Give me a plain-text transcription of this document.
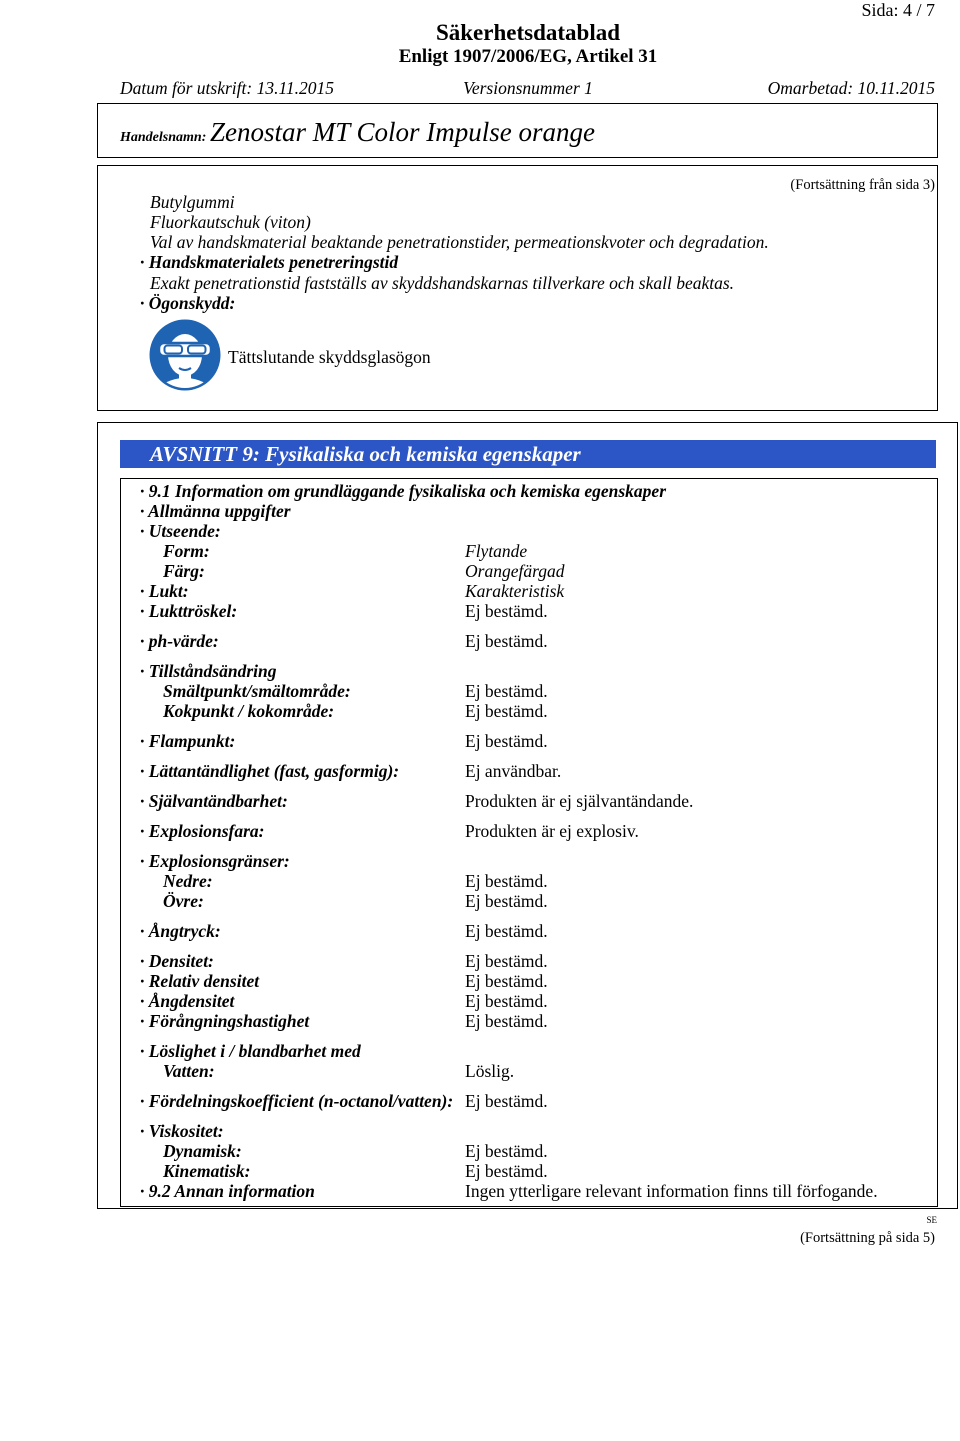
Sida: 4 / 7
Säkerhetsdatablad
Enligt 1907/2006/EG, Artikel 31
Datum för utskrift: 13.11.2015	Versionsnummer 1	Omarbetad: 10.11.2015
Handelsnamn: Zenostar MT Color Impulse orange
(Fortsättning från sida 3)
Butylgummi
Fluorkautschuk (viton)
Val av handskmaterial beaktande penetrationstider, permeationskvoter och degradation.
· Handskmaterialets penetreringstid
Exakt penetrationstid fastställs av skyddshandskarnas tillverkare och skall beaktas.
· Ögonskydd:
Tättslutande skyddsglasögon
AVSNITT 9: Fysikaliska och kemiska egenskaper
· 9.1 Information om grundläggande fysikaliska och kemiska egenskaper
· Allmänna uppgifter
· Utseende:
Form:	Flytande
Färg:	Orangefärgad
· Lukt:	Karakteristisk
· Lukttröskel:	Ej bestämd.
· ph-värde:	Ej bestämd.
· Tillståndsändring
Smältpunkt/smältområde:	Ej bestämd.
Kokpunkt / kokområde:	Ej bestämd.
· Flampunkt:	Ej bestämd.
· Lättantändlighet (fast, gasformig):	Ej användbar.
· Självantändbarhet:	Produkten är ej självantändande.
· Explosionsfara:	Produkten är ej explosiv.
· Explosionsgränser:
Nedre:	Ej bestämd.
Övre:	Ej bestämd.
· Ångtryck:	Ej bestämd.
· Densitet:	Ej bestämd.
· Relativ densitet	Ej bestämd.
· Ångdensitet	Ej bestämd.
· Förångningshastighet	Ej bestämd.
· Löslighet i / blandbarhet med
Vatten:	Löslig.
· Fördelningskoefficient (n-octanol/vatten): Ej bestämd.
· Viskositet:
Dynamisk:	Ej bestämd.
Kinematisk:	Ej bestämd.
· 9.2 Annan information	Ingen ytterligare relevant information finns till förfogande.
SE
(Fortsättning på sida 5)
